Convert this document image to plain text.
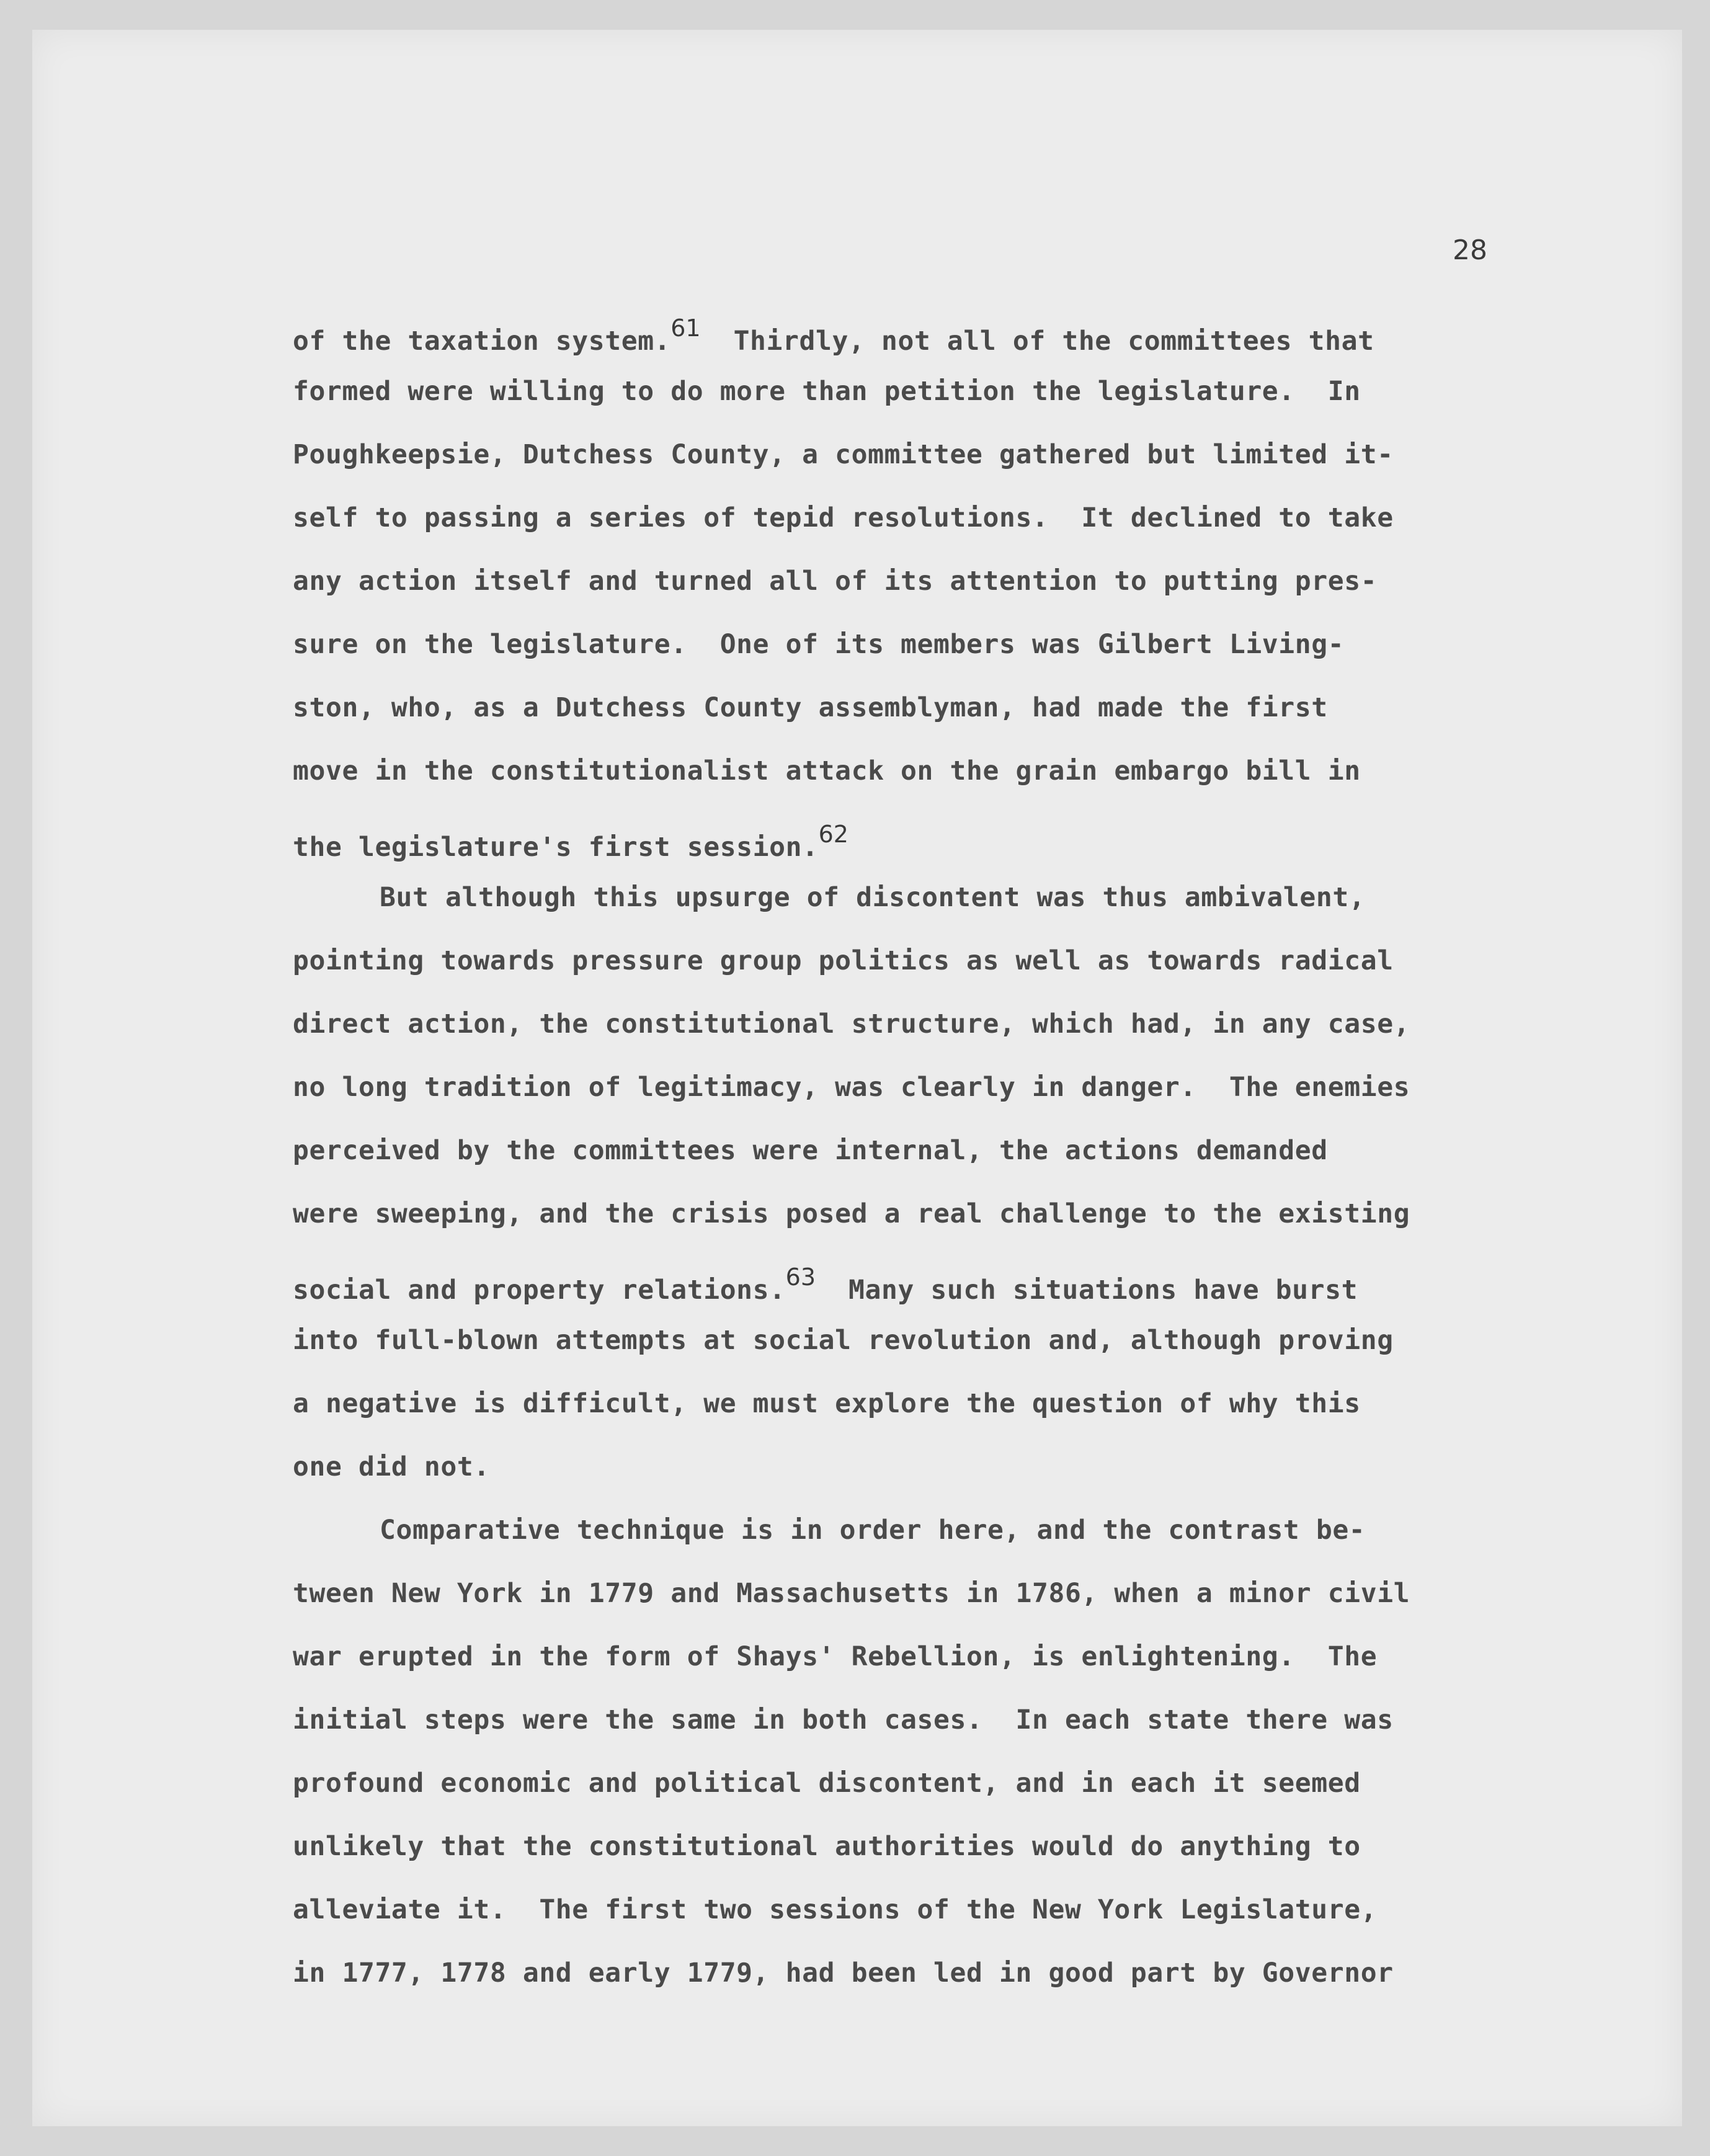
28
of the taxation system.61  Thirdly, not all of the committees that
formed were willing to do more than petition the legislature.  In
Poughkeepsie, Dutchess County, a committee gathered but limited it-
self to passing a series of tepid resolutions.  It declined to take
any action itself and turned all of its attention to putting pres-
sure on the legislature.  One of its members was Gilbert Living-
ston, who, as a Dutchess County assemblyman, had made the first
move in the constitutionalist attack on the grain embargo bill in
the legislature's first session.62
But although this upsurge of discontent was thus ambivalent,
pointing towards pressure group politics as well as towards radical
direct action, the constitutional structure, which had, in any case,
no long tradition of legitimacy, was clearly in danger.  The enemies
perceived by the committees were internal, the actions demanded
were sweeping, and the crisis posed a real challenge to the existing
social and property relations.63  Many such situations have burst
into full-blown attempts at social revolution and, although proving
a negative is difficult, we must explore the question of why this
one did not.
Comparative technique is in order here, and the contrast be-
tween New York in 1779 and Massachusetts in 1786, when a minor civil
war erupted in the form of Shays' Rebellion, is enlightening.  The
initial steps were the same in both cases.  In each state there was
profound economic and political discontent, and in each it seemed
unlikely that the constitutional authorities would do anything to
alleviate it.  The first two sessions of the New York Legislature,
in 1777, 1778 and early 1779, had been led in good part by Governor
